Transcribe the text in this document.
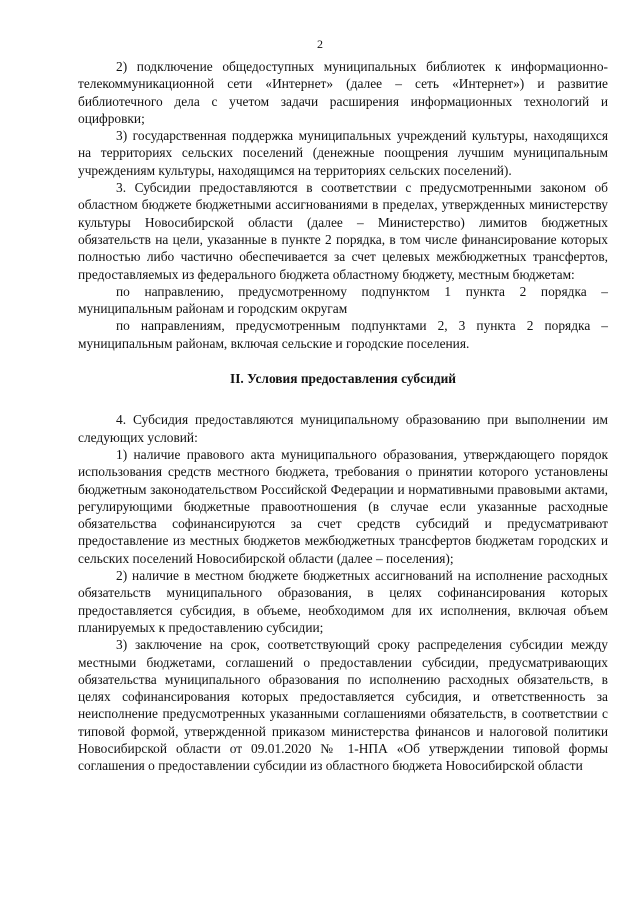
2

2) подключение общедоступных муниципальных библиотек к информационно-телекоммуникационной сети «Интернет» (далее – сеть «Интернет») и развитие библиотечного дела с учетом задачи расширения информационных технологий и оцифровки;

3) государственная поддержка муниципальных учреждений культуры, находящихся на территориях сельских поселений (денежные поощрения лучшим муниципальным учреждениям культуры, находящимся на территориях сельских поселений).

3. Субсидии предоставляются в соответствии с предусмотренными законом об областном бюджете бюджетными ассигнованиями в пределах, утвержденных министерству культуры Новосибирской области (далее – Министерство) лимитов бюджетных обязательств на цели, указанные в пункте 2 порядка, в том числе финансирование которых полностью либо частично обеспечивается за счет целевых межбюджетных трансфертов, предоставляемых из федерального бюджета областному бюджету, местным бюджетам:

по направлению, предусмотренному подпунктом 1 пункта 2 порядка – муниципальным районам и городским округам

по направлениям, предусмотренным подпунктами 2, 3 пункта 2 порядка – муниципальным районам, включая сельские и городские поселения.

II. Условия предоставления субсидий

4. Субсидия предоставляются муниципальному образованию при выполнении им следующих условий:

1) наличие правового акта муниципального образования, утверждающего порядок использования средств местного бюджета, требования о принятии которого установлены бюджетным законодательством Российской Федерации и нормативными правовыми актами, регулирующими бюджетные правоотношения (в случае если указанные расходные обязательства софинансируются за счет средств субсидий и предусматривают предоставление из местных бюджетов межбюджетных трансфертов бюджетам городских и сельских поселений Новосибирской области (далее – поселения);

2) наличие в местном бюджете бюджетных ассигнований на исполнение расходных обязательств муниципального образования, в целях софинансирования которых предоставляется субсидия, в объеме, необходимом для их исполнения, включая объем планируемых к предоставлению субсидии;

3) заключение на срок, соответствующий сроку распределения субсидии между местными бюджетами, соглашений о предоставлении субсидии, предусматривающих обязательства муниципального образования по исполнению расходных обязательств, в целях софинансирования которых предоставляется субсидия, и ответственность за неисполнение предусмотренных указанными соглашениями обязательств, в соответствии с типовой формой, утвержденной приказом министерства финансов и налоговой политики Новосибирской области от 09.01.2020 № 1-НПА «Об утверждении типовой формы соглашения о предоставлении субсидии из областного бюджета Новосибирской области
